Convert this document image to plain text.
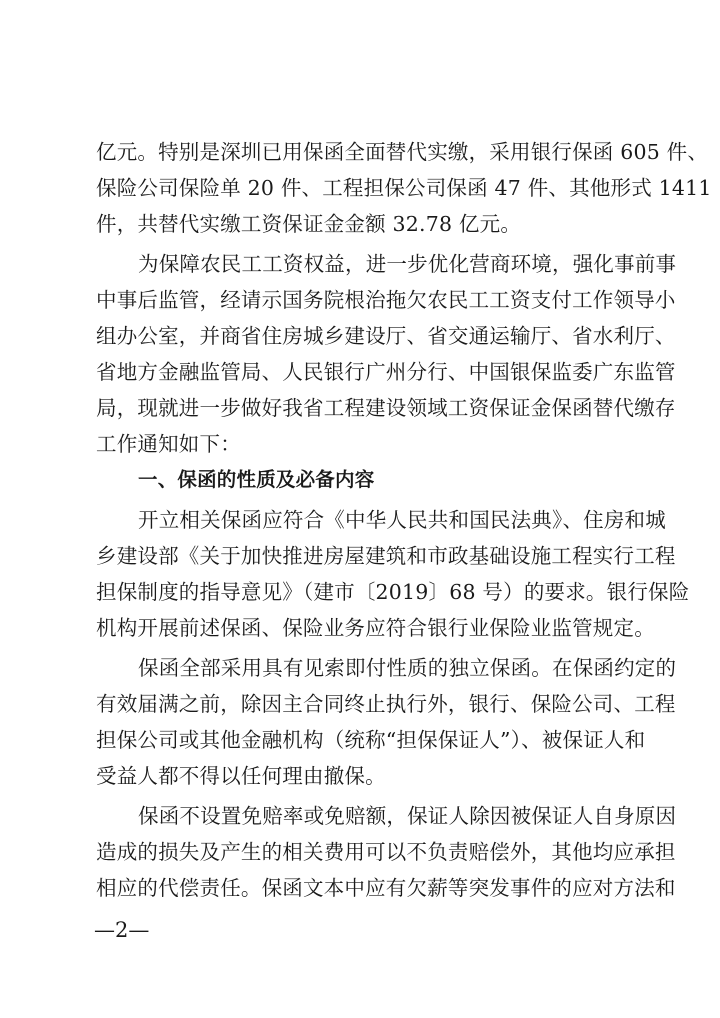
亿元。特别是深圳已用保函全面替代实缴，采用银行保函 605 件、
保险公司保险单 20 件、工程担保公司保函 47 件、其他形式 1411
件，共替代实缴工资保证金金额 32.78 亿元。
为保障农民工工资权益，进一步优化营商环境，强化事前事
中事后监管，经请示国务院根治拖欠农民工工资支付工作领导小
组办公室，并商省住房城乡建设厅、省交通运输厅、省水利厅、
省地方金融监管局、人民银行广州分行、中国银保监委广东监管
局，现就进一步做好我省工程建设领域工资保证金保函替代缴存
工作通知如下：
一、保函的性质及必备内容
开立相关保函应符合《中华人民共和国民法典》、住房和城
乡建设部《关于加快推进房屋建筑和市政基础设施工程实行工程
担保制度的指导意见》（建市〔2019〕68 号）的要求。银行保险
机构开展前述保函、保险业务应符合银行业保险业监管规定。
保函全部采用具有见索即付性质的独立保函。在保函约定的
有效届满之前，除因主合同终止执行外，银行、保险公司、工程
担保公司或其他金融机构（统称“担保保证人”）、被保证人和
受益人都不得以任何理由撤保。
保函不设置免赔率或免赔额，保证人除因被保证人自身原因
造成的损失及产生的相关费用可以不负责赔偿外，其他均应承担
相应的代偿责任。保函文本中应有欠薪等突发事件的应对方法和
—2—
